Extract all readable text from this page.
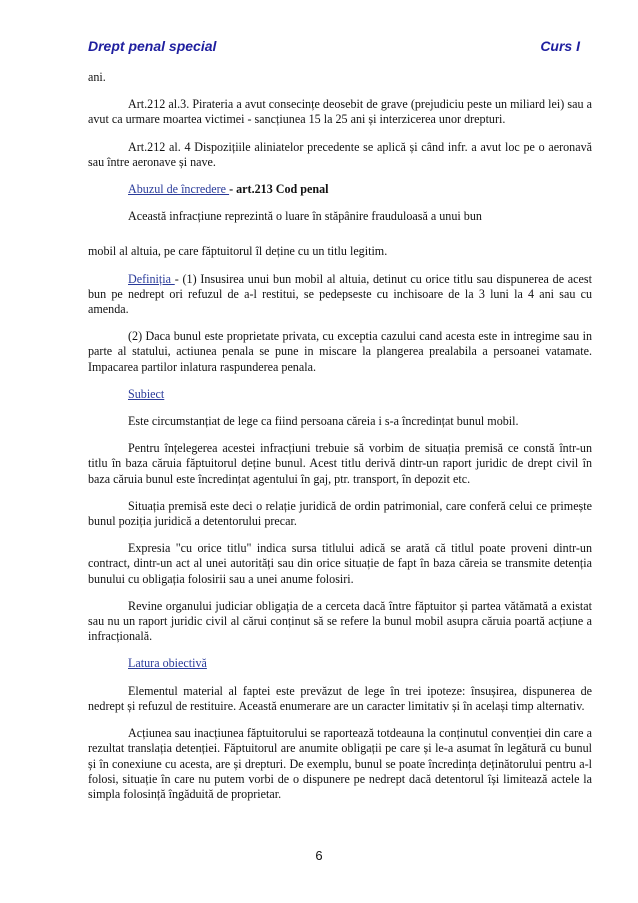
Drept penal special	Curs I

ani.

Art.212 al.3. Pirateria a avut consecințe deosebit de grave (prejudiciu peste un miliard lei) sau a avut ca urmare moartea victimei - sancțiunea 15 la 25 ani și interzicerea unor drepturi.

Art.212 al. 4 Dispozițiile aliniatelor precedente se aplică și când infr. a avut loc pe o aeronavă sau între aeronave și nave.

Abuzul de încredere - art.213 Cod penal

Această infracțiune reprezintă o luare în stăpânire frauduloasă a unui bun

mobil al altuia, pe care făptuitorul îl deține cu un titlu legitim.

Definiția - (1) Insusirea unui bun mobil al altuia, detinut cu orice titlu sau dispunerea de acest bun pe nedrept ori refuzul de a-l restitui, se pedepseste cu inchisoare de la 3 luni la 4 ani sau cu amenda.

(2) Daca bunul este proprietate privata, cu exceptia cazului cand acesta este in intregime sau in parte al statului, actiunea penala se pune in miscare la plangerea prealabila a persoanei vatamate. Impacarea partilor inlatura raspunderea penala.

Subiect

Este circumstanțiat de lege ca fiind persoana căreia i s-a încredințat bunul mobil.

Pentru înțelegerea acestei infracțiuni trebuie să vorbim de situația premisă ce constă într-un titlu în baza căruia făptuitorul deține bunul. Acest titlu derivă dintr-un raport juridic de drept civil în baza căruia bunul este încredințat agentului în gaj, ptr. transport, în depozit etc.

Situația premisă este deci o relație juridică de ordin patrimonial, care conferă celui ce primește bunul poziția juridică a detentorului precar.

Expresia "cu orice titlu" indica sursa titlului adică se arată că titlul poate proveni dintr-un contract, dintr-un act al unei autorități sau din orice situație de fapt în baza căreia se transmite detenția bunului cu obligația folosirii sau a unei anume folosiri.

Revine organului judiciar obligația de a cerceta dacă între făptuitor și partea vătămată a existat sau nu un raport juridic civil al cărui conținut să se refere la bunul mobil asupra căruia poartă acțiune a infracțională.

Latura obiectivă

Elementul material al faptei este prevăzut de lege în trei ipoteze: însușirea, dispunerea de nedrept și refuzul de restituire. Această enumerare are un caracter limitativ și în același timp alternativ.

Acțiunea sau inacțiunea făptuitorului se raportează totdeauna la conținutul convenției din care a rezultat translația detenției. Făptuitorul are anumite obligații pe care și le-a asumat în legătură cu bunul și în conexiune cu acesta, are și drepturi. De exemplu, bunul se poate încredința deținătorului pentru a-l folosi, situație în care nu putem vorbi de o dispunere pe nedrept dacă detentorul își limitează actele la simpla folosință îngăduită de proprietar.

6
